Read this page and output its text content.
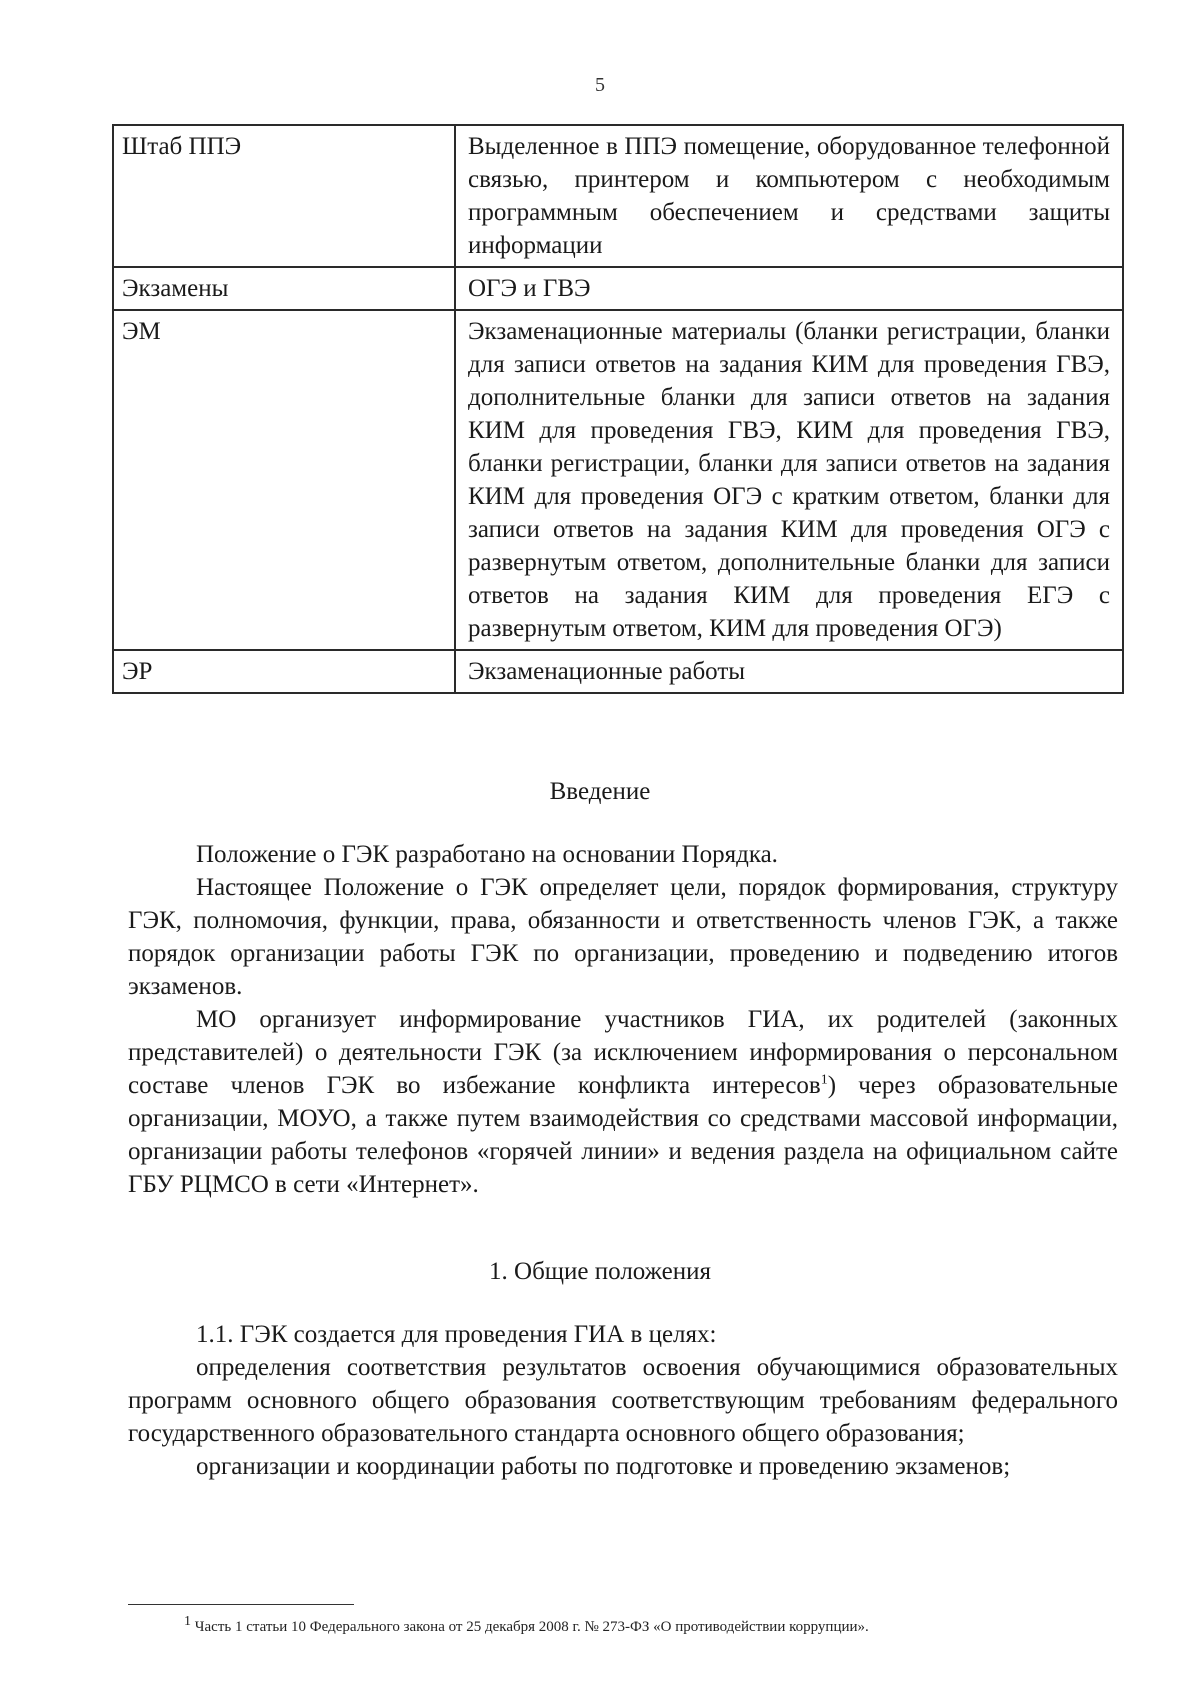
5
Штаб ППЭ	Выделенное в ППЭ помещение, оборудованное телефонной связью, принтером и компьютером с необходимым программным обеспечением и средствами защиты информации
Экзамены	ОГЭ и ГВЭ
ЭМ	Экзаменационные материалы (бланки регистрации, бланки для записи ответов на задания КИМ для проведения ГВЭ, дополнительные бланки для записи ответов на задания КИМ для проведения ГВЭ, КИМ для проведения ГВЭ, бланки регистрации, бланки для записи ответов на задания КИМ для проведения ОГЭ с кратким ответом, бланки для записи ответов на задания КИМ для проведения ОГЭ с развернутым ответом, дополнительные бланки для записи ответов на задания КИМ для проведения ЕГЭ с развернутым ответом, КИМ для проведения ОГЭ)
ЭР	Экзаменационные работы
Введение

Положение о ГЭК разработано на основании Порядка.

Настоящее Положение о ГЭК определяет цели, порядок формирования, структуру ГЭК, полномочия, функции, права, обязанности и ответственность членов ГЭК, а также порядок организации работы ГЭК по организации, проведению и подведению итогов экзаменов.

МО организует информирование участников ГИА, их родителей (законных представителей) о деятельности ГЭК (за исключением информирования о персональном составе членов ГЭК во избежание конфликта интересов$^1$) через образовательные организации, МОУО, а также путем взаимодействия со средствами массовой информации, организации работы телефонов «горячей линии» и ведения раздела на официальном сайте ГБУ РЦМСО в сети «Интернет».

1. Общие положения

1.1. ГЭК создается для проведения ГИА в целях:

определения соответствия результатов освоения обучающимися образовательных программ основного общего образования соответствующим требованиям федерального государственного образовательного стандарта основного общего образования;

организации и координации работы по подготовке и проведению экзаменов;

$^1$ Часть 1 статьи 10 Федерального закона от 25 декабря 2008 г. № 273-ФЗ «О противодействии коррупции».
